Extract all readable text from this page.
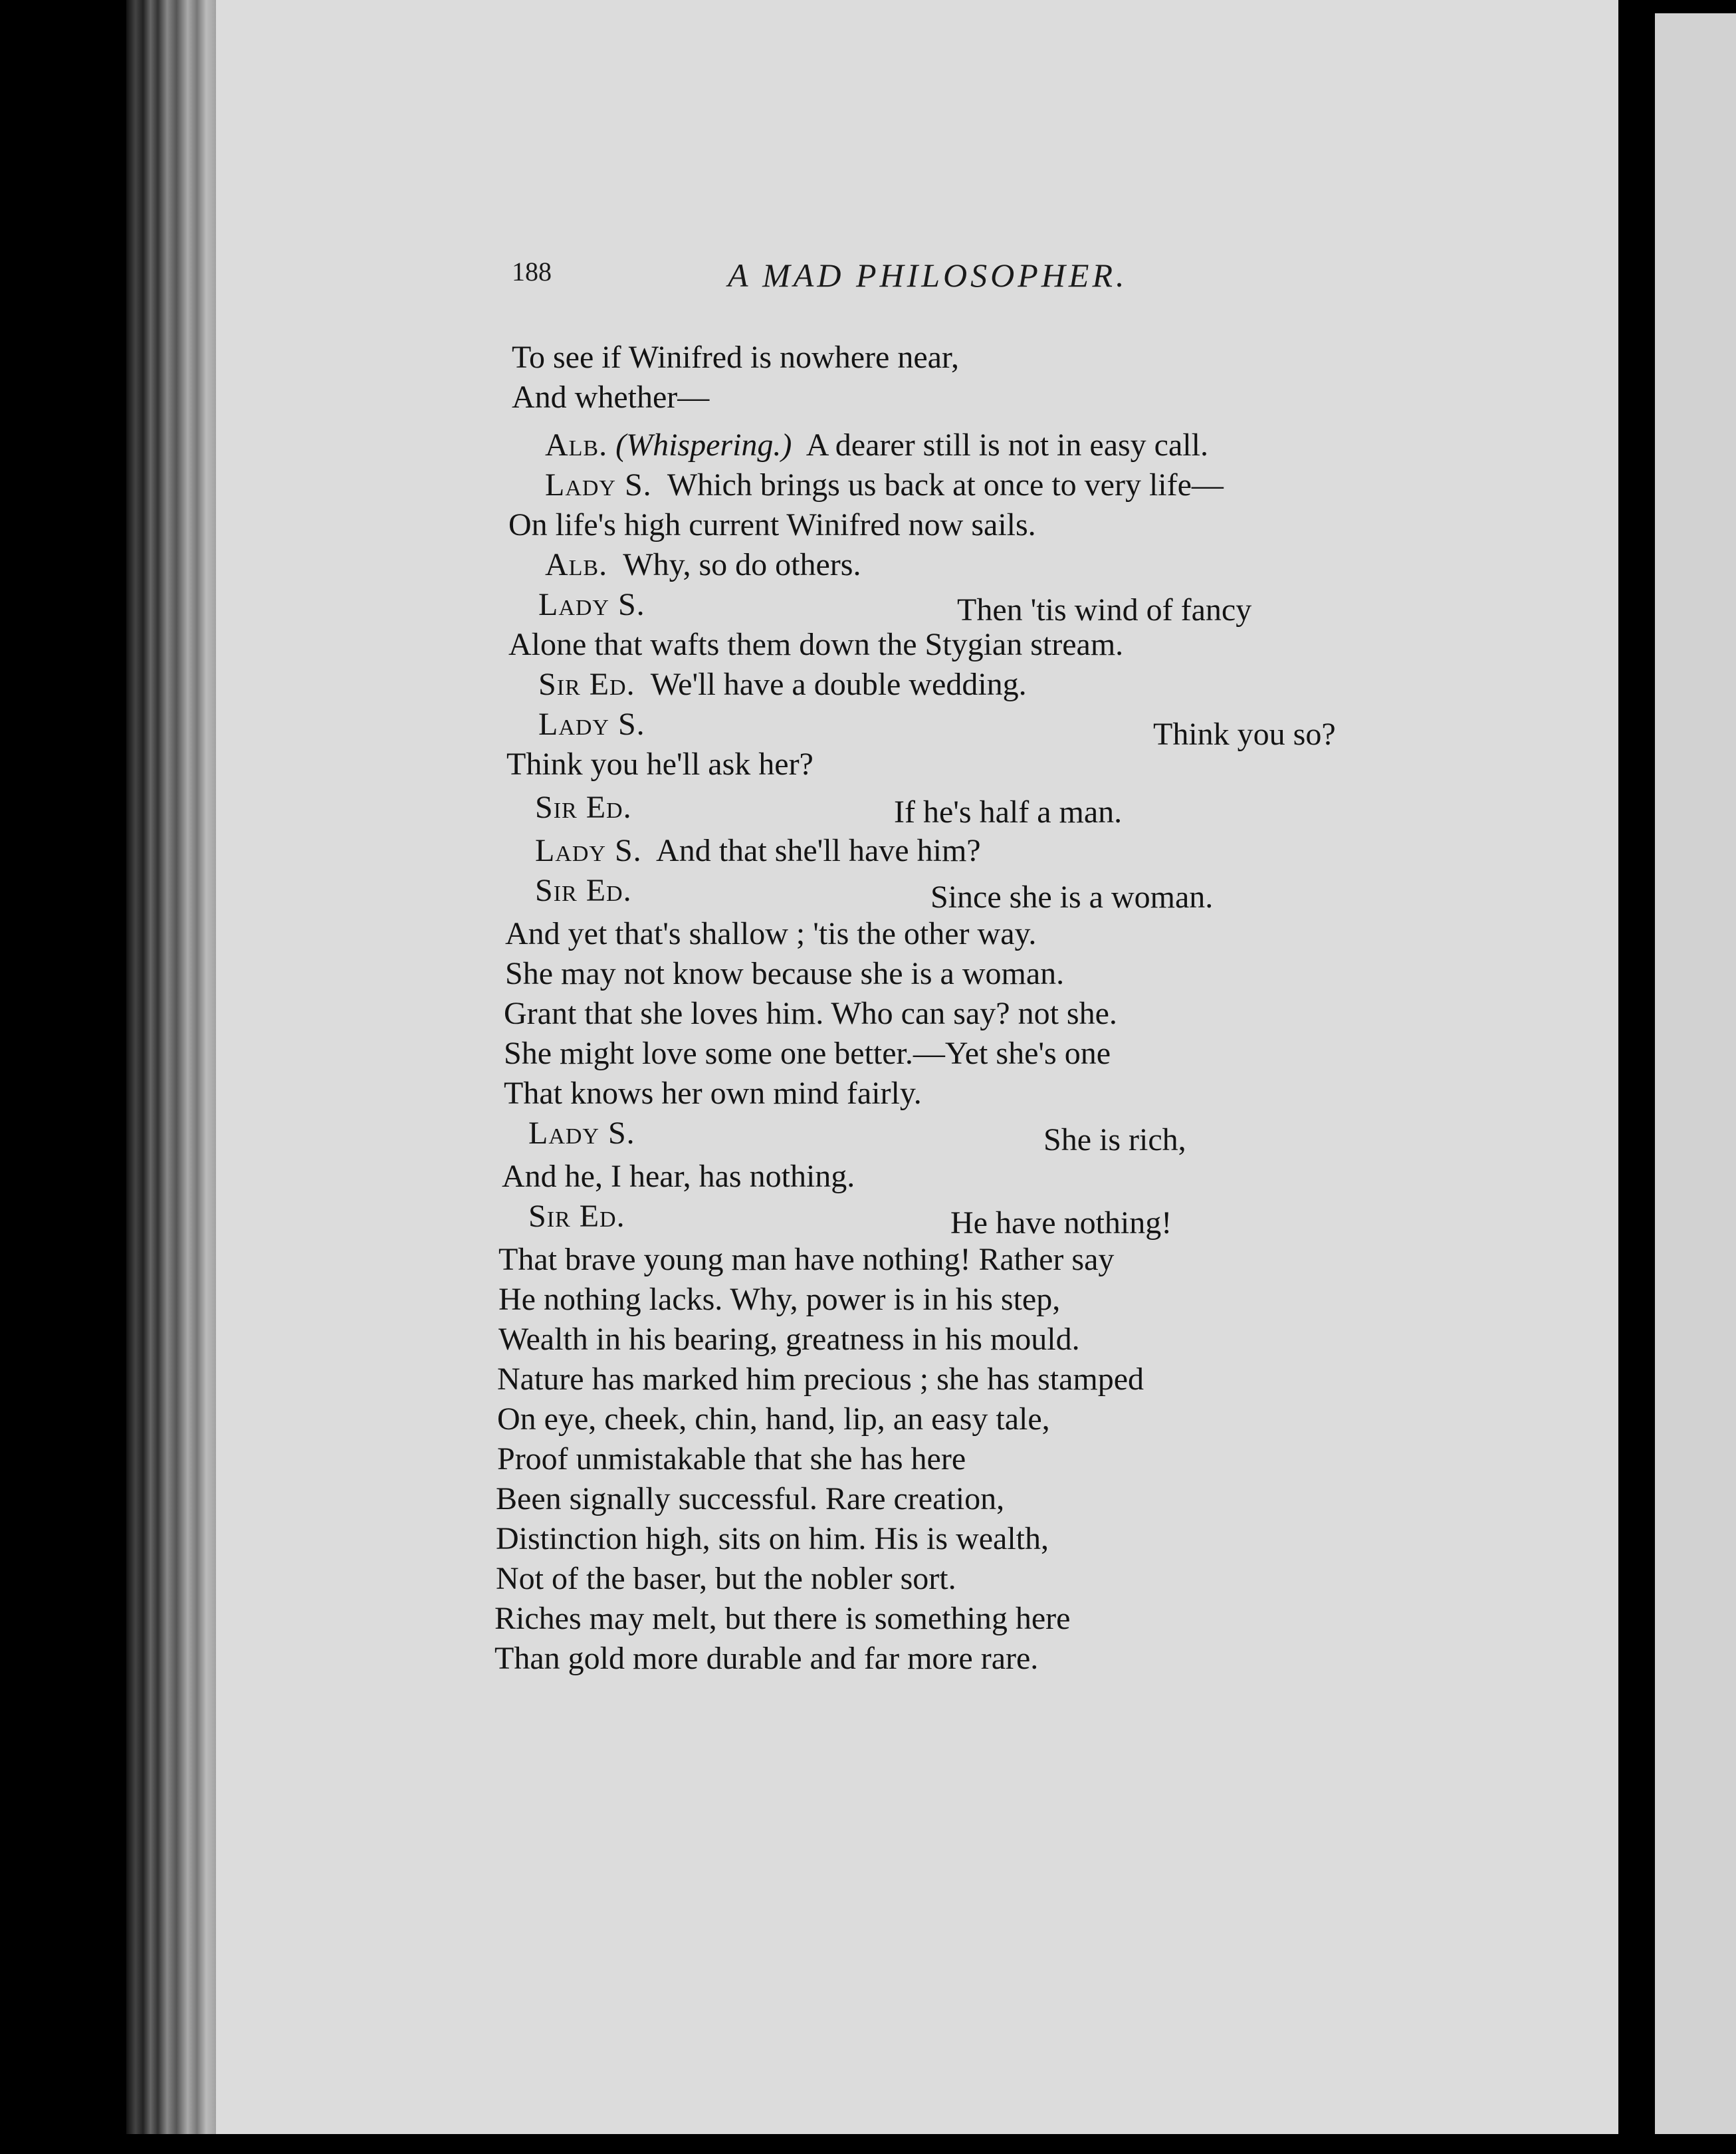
188	A MAD PHILOSOPHER.
To see if Winifred is nowhere near,
And whether—
Alb. (Whispering.) A dearer still is not in easy call.
Lady S. Which brings us back at once to very life—
On life's high current Winifred now sails.
Alb. Why, so do others.
Lady S.	Then 'tis wind of fancy
Alone that wafts them down the Stygian stream.
Sir Ed. We'll have a double wedding.
Lady S.	Think you so?
Think you he'll ask her?
Sir Ed.	If he's half a man.
Lady S. And that she'll have him?
Sir Ed.	Since she is a woman.
And yet that's shallow ; 'tis the other way.
She may not know because she is a woman.
Grant that she loves him. Who can say? not she.
She might love some one better.—Yet she's one
That knows her own mind fairly.
Lady S.	She is rich,
And he, I hear, has nothing.
Sir Ed.	He have nothing!
That brave young man have nothing! Rather say
He nothing lacks. Why, power is in his step,
Wealth in his bearing, greatness in his mould.
Nature has marked him precious ; she has stamped
On eye, cheek, chin, hand, lip, an easy tale,
Proof unmistakable that she has here
Been signally successful. Rare creation,
Distinction high, sits on him. His is wealth,
Not of the baser, but the nobler sort.
Riches may melt, but there is something here
Than gold more durable and far more rare.
